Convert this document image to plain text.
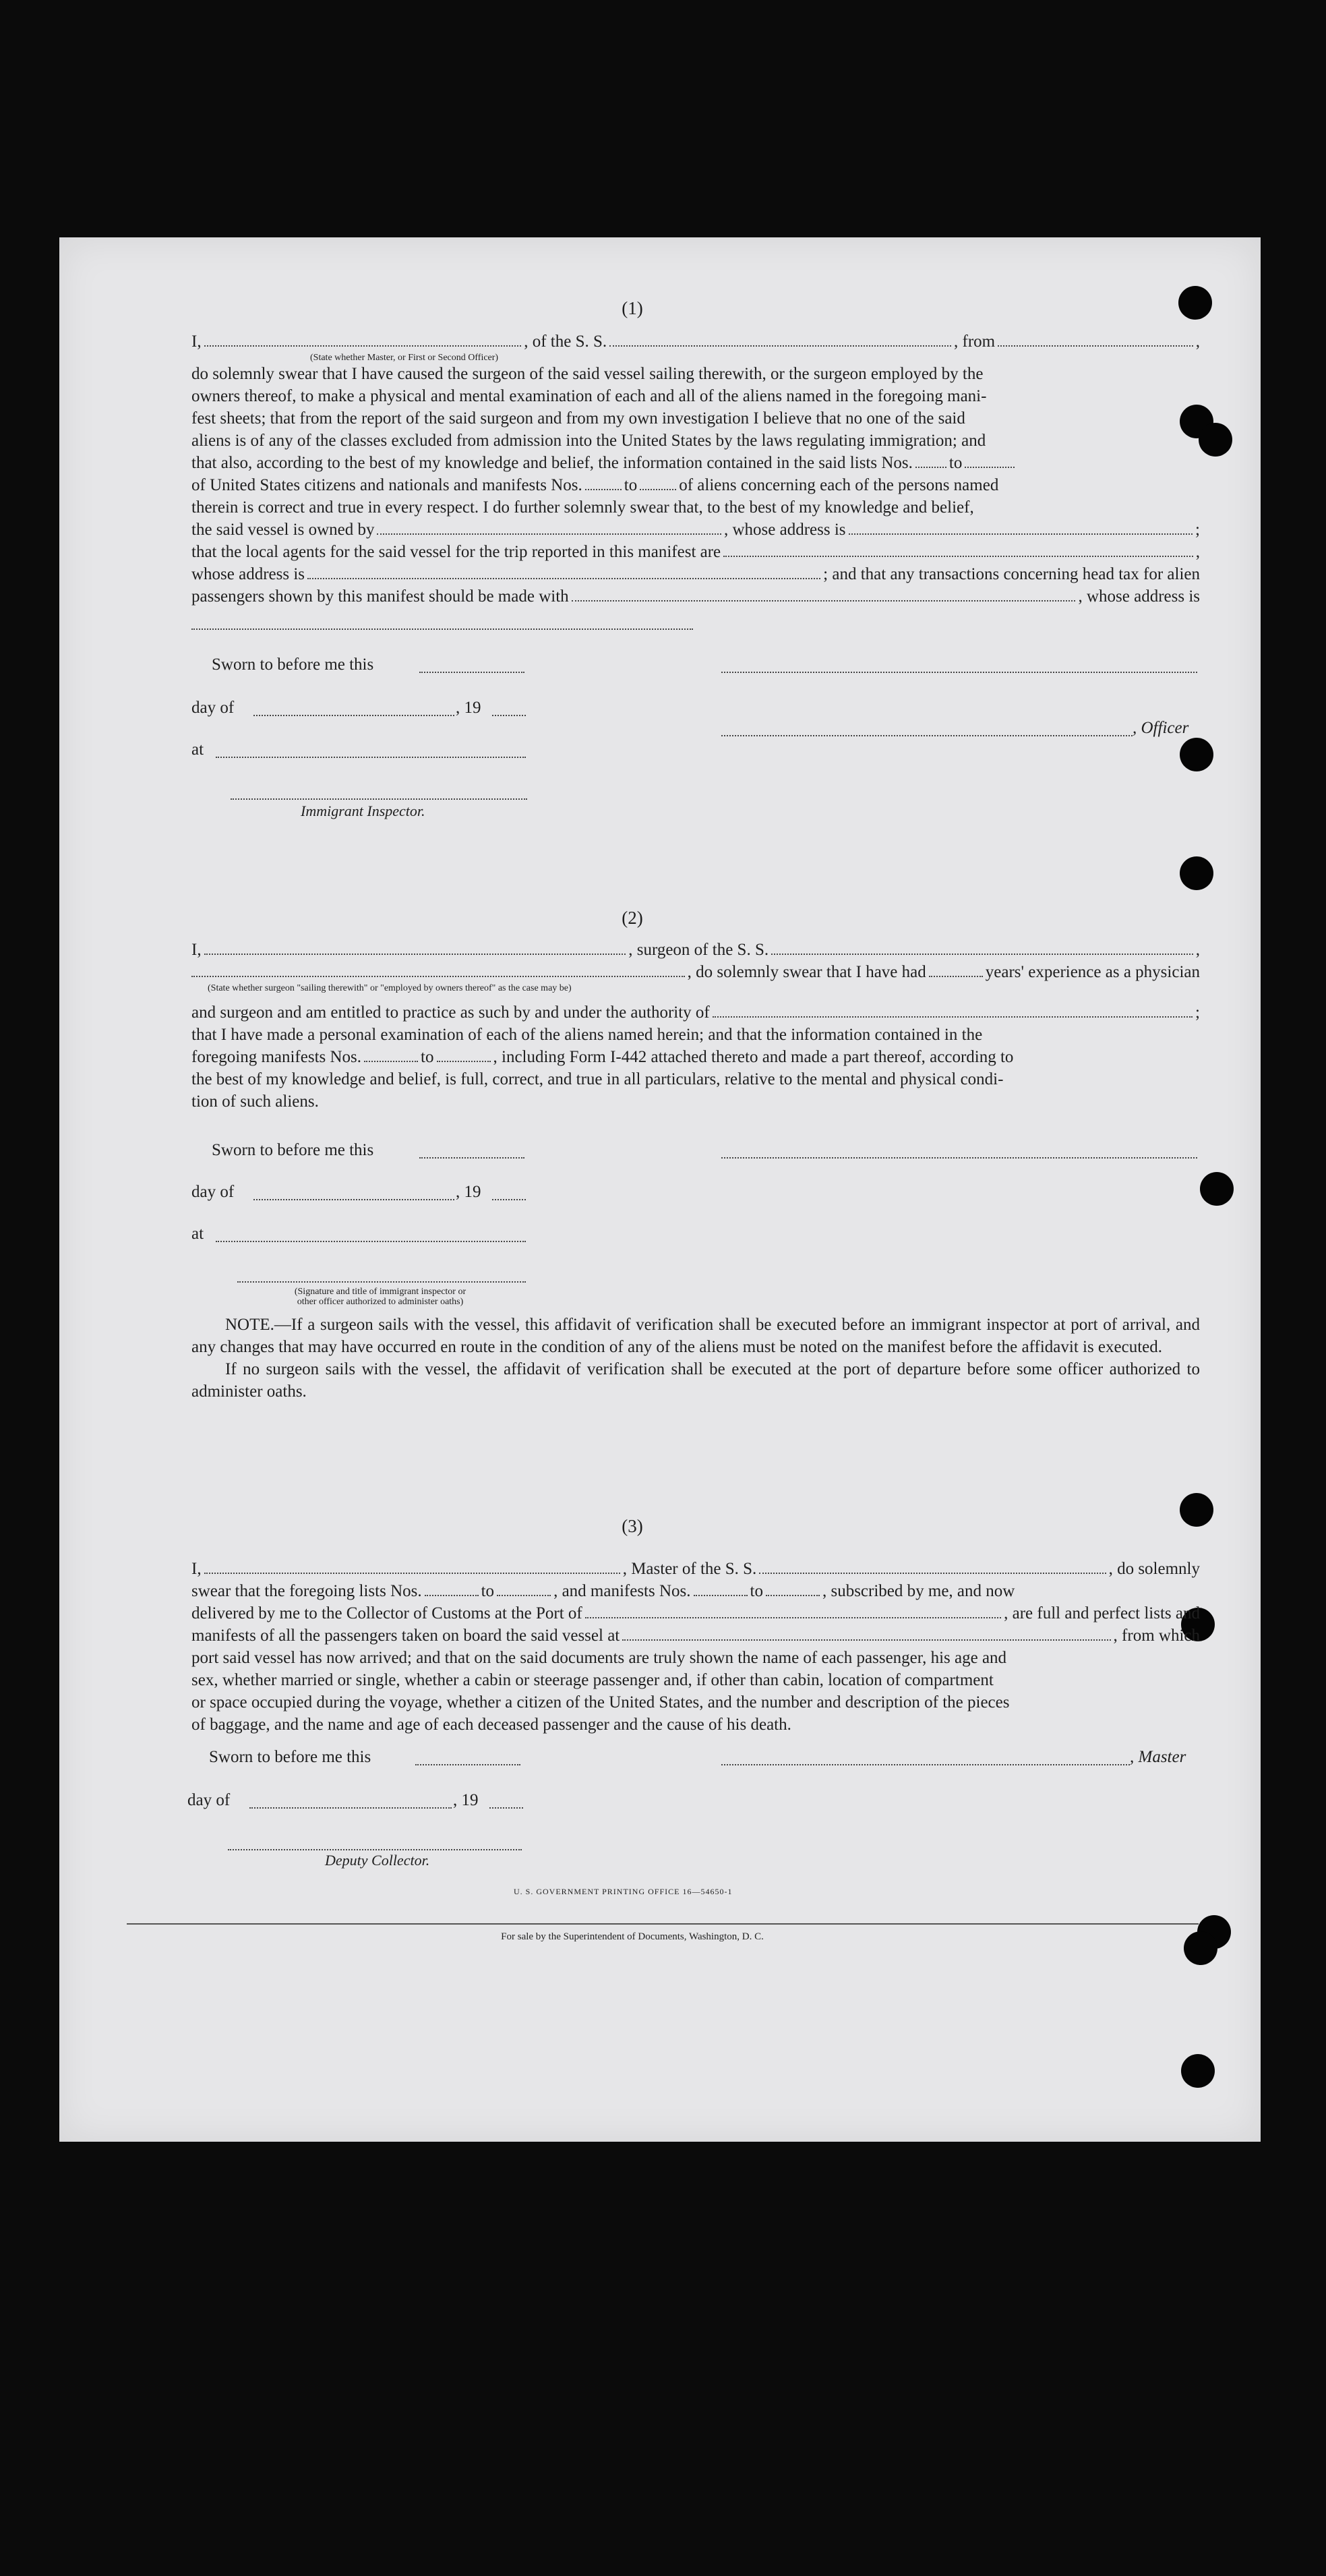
(1)
I,	, of the S. S.	, from	,
(State whether Master, or First or Second Officer)

do solemnly swear that I have caused the surgeon of the said vessel sailing therewith, or the surgeon employed by the

owners thereof, to make a physical and mental examination of each and all of the aliens named in the foregoing mani-

fest sheets; that from the report of the said surgeon and from my own investigation I believe that no one of the said

aliens is of any of the classes excluded from admission into the United States by the laws regulating immigration; and

that also, according to the best of my knowledge and belief, the information contained in the said lists Nos. to
of United States citizens and nationals and manifests Nos. to of aliens concerning each of the persons named

therein is correct and true in every respect. I do further solemnly swear that, to the best of my knowledge and belief,

the said vessel is owned by	, whose address is	;
that the local agents for the said vessel for the trip reported in this manifest are	,
whose address is	; and that any transactions concerning head tax for alien
passengers shown by this manifest should be made with	, whose address is
Sworn to before me this
day of	, 19
, Officer
at
Immigrant Inspector.
(2)
I,	, surgeon of the S. S.	,
, do solemnly swear that I have had	years' experience as a physician
(State whether surgeon "sailing therewith" or "employed by owners thereof" as the case may be)
and surgeon and am entitled to practice as such by and under the authority of	;

that I have made a personal examination of each of the aliens named herein; and that the information contained in the

foregoing manifests Nos.	to	, including Form I-442 attached thereto and made a part thereof, according to

the best of my knowledge and belief, is full, correct, and true in all particulars, relative to the mental and physical condi-

tion of such aliens.

Sworn to before me this
day of	, 19
at
(Signature and title of immigrant inspector or
other officer authorized to administer oaths)

NOTE.—If a surgeon sails with the vessel, this affidavit of verification shall be executed before an immigrant inspector at port of arrival, and any changes that may have occurred en route in the condition of any of the aliens must be noted on the manifest before the affidavit is executed.

If no surgeon sails with the vessel, the affidavit of verification shall be executed at the port of departure before some officer authorized to administer oaths.

(3)
I,	, Master of the S. S.	, do solemnly
swear that the foregoing lists Nos.	to	, and manifests Nos.	to	, subscribed by me, and now
delivered by me to the Collector of Customs at the Port of	, are full and perfect lists and
manifests of all the passengers taken on board the said vessel at	, from which

port said vessel has now arrived; and that on the said documents are truly shown the name of each passenger, his age and

sex, whether married or single, whether a cabin or steerage passenger and, if other than cabin, location of compartment

or space occupied during the voyage, whether a citizen of the United States, and the number and description of the pieces

of baggage, and the name and age of each deceased passenger and the cause of his death.

Sworn to before me this	, Master
day of	, 19
Deputy Collector.
U. S. GOVERNMENT PRINTING OFFICE 16—54650-1
For sale by the Superintendent of Documents, Washington, D. C.
